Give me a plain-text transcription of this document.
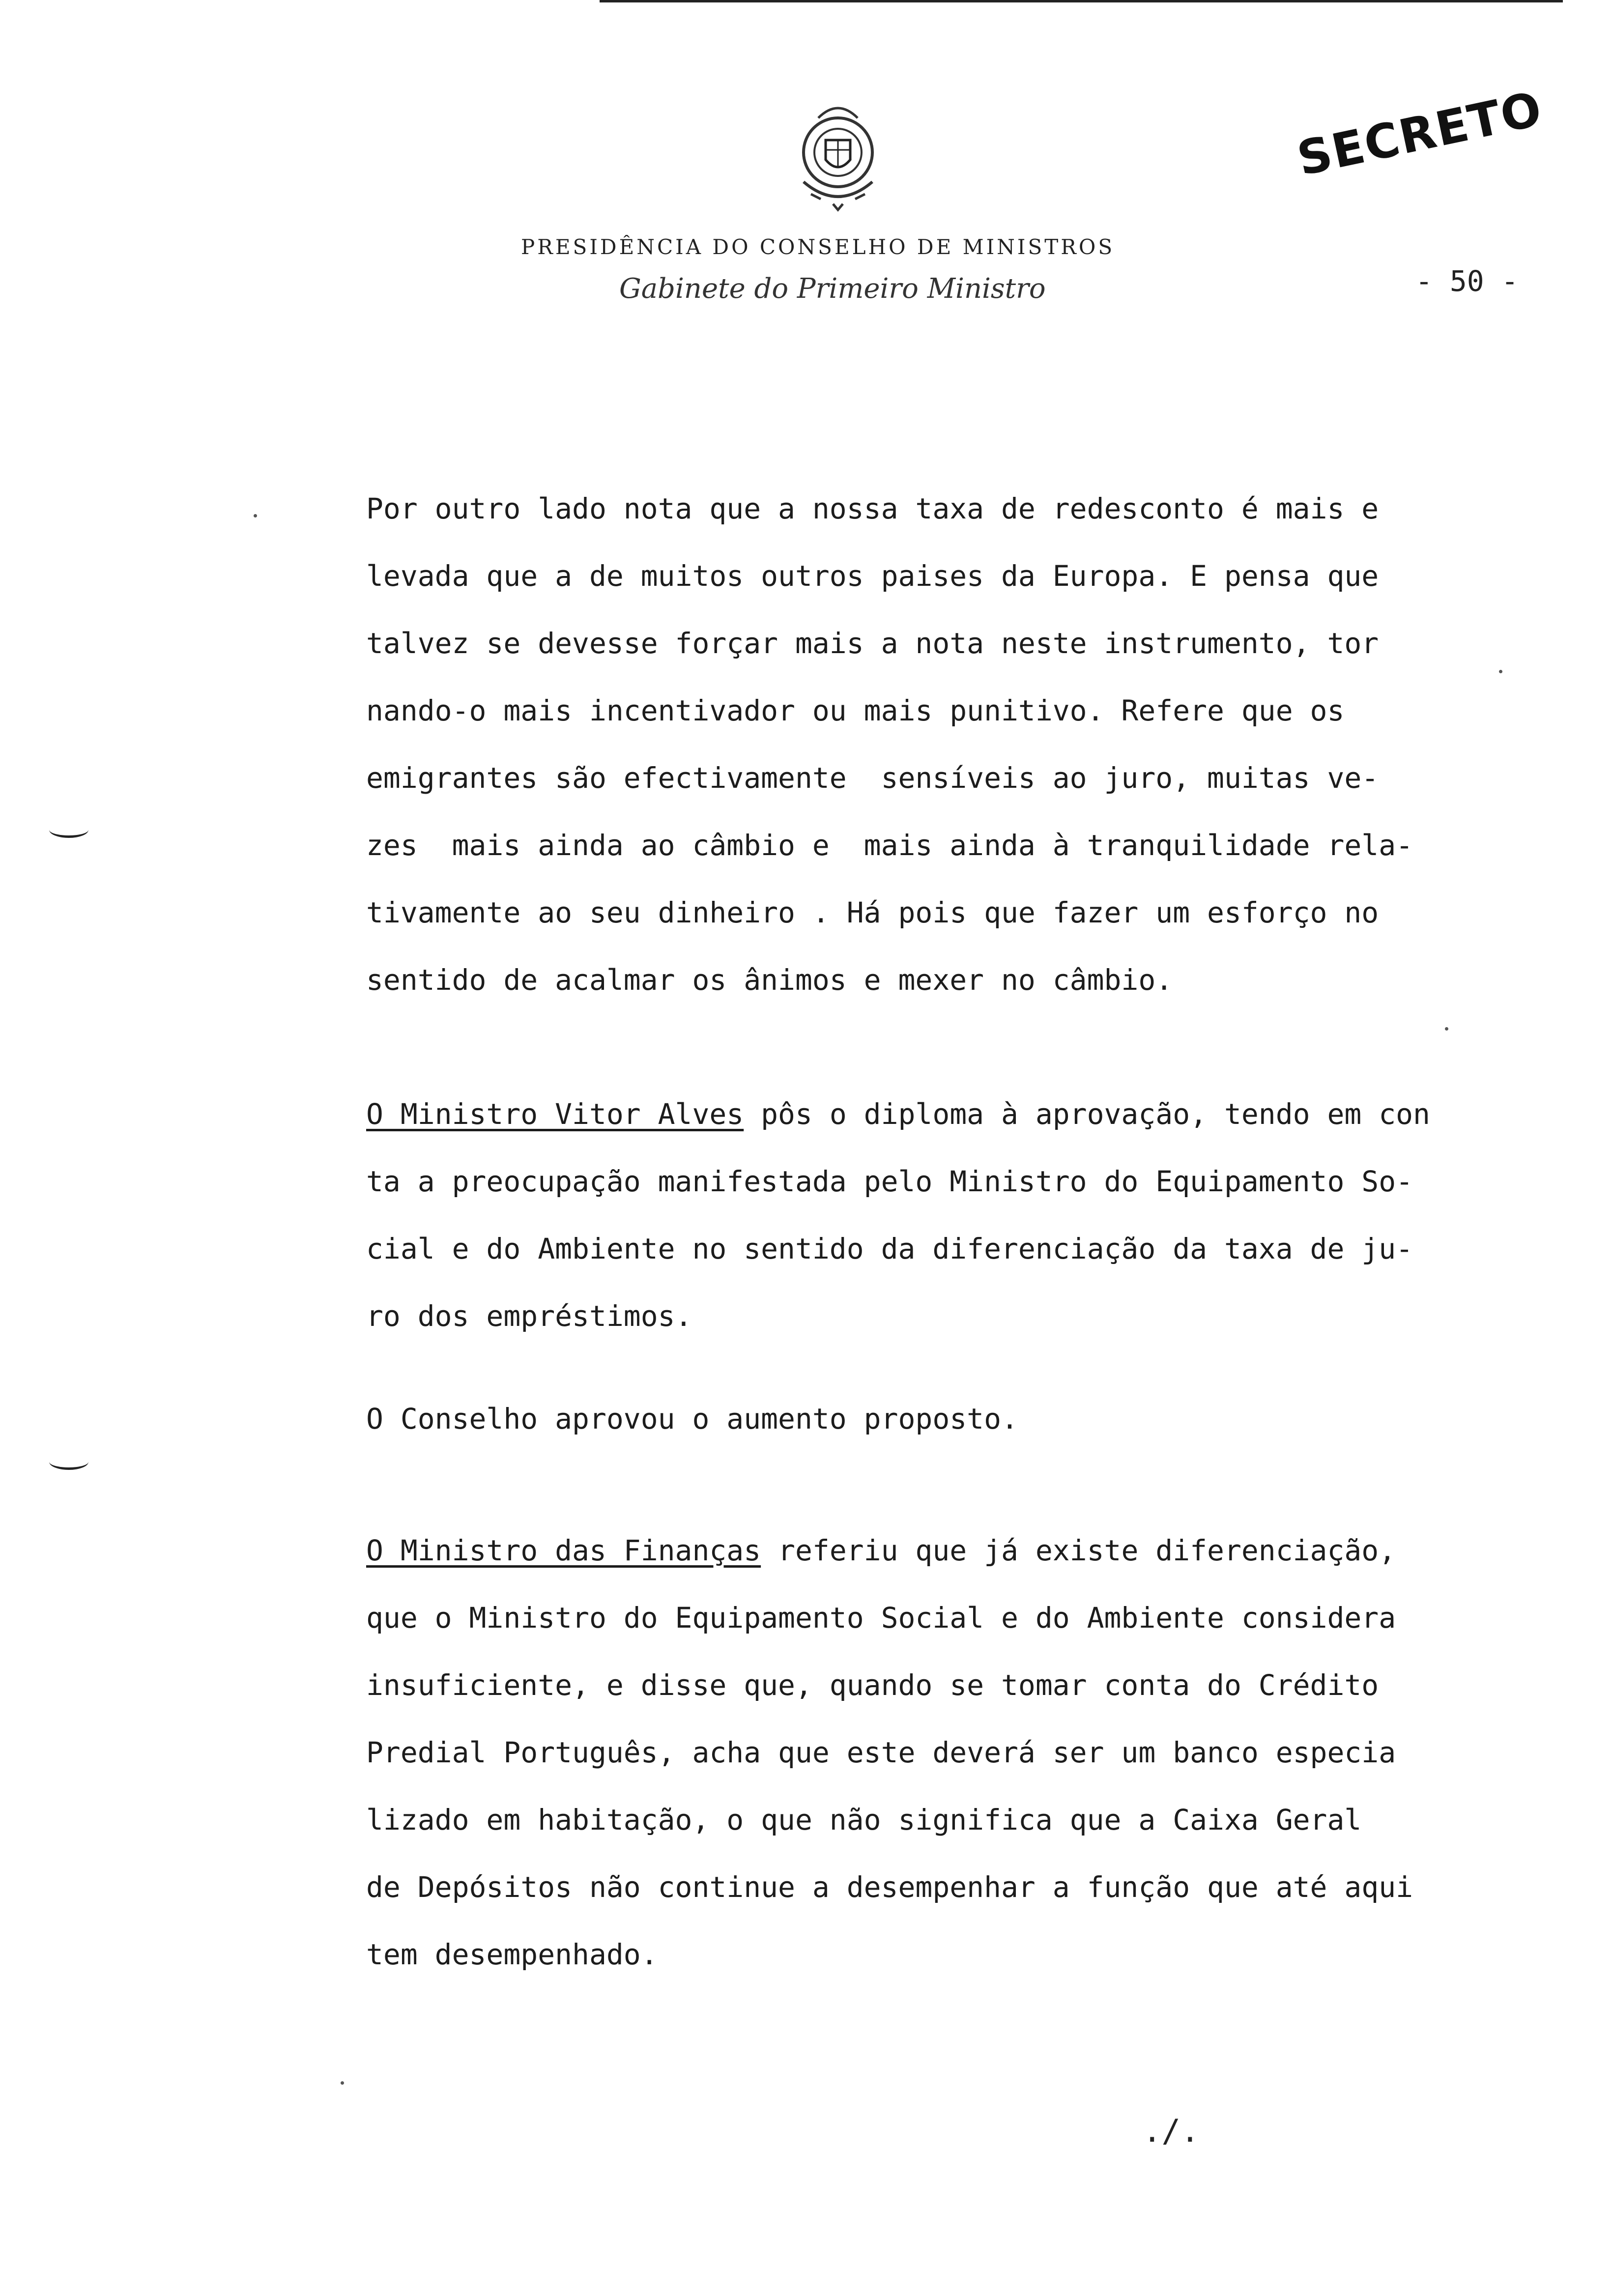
PRESIDÊNCIA DO CONSELHO DE MINISTROS
Gabinete do Primeiro Ministro
SECRETO
- 50 -
Por outro lado nota que a nossa taxa de redesconto é mais e
levada que a de muitos outros paises da Europa. E pensa que
talvez se devesse forçar mais a nota neste instrumento, tor
nando-o mais incentivador ou mais punitivo. Refere que os
emigrantes são efectivamente  sensíveis ao juro, muitas ve-
zes  mais ainda ao câmbio e  mais ainda à tranquilidade rela-
tivamente ao seu dinheiro . Há pois que fazer um esforço no
sentido de acalmar os ânimos e mexer no câmbio.
O Ministro Vitor Alves pôs o diploma à aprovação, tendo em con
ta a preocupação manifestada pelo Ministro do Equipamento So-
cial e do Ambiente no sentido da diferenciação da taxa de ju-
ro dos empréstimos.
O Conselho aprovou o aumento proposto.
O Ministro das Finanças referiu que já existe diferenciação,
que o Ministro do Equipamento Social e do Ambiente considera
insuficiente, e disse que, quando se tomar conta do Crédito
Predial Português, acha que este deverá ser um banco especia
lizado em habitação, o que não significa que a Caixa Geral
de Depósitos não continue a desempenhar a função que até aqui
tem desempenhado.
./.
